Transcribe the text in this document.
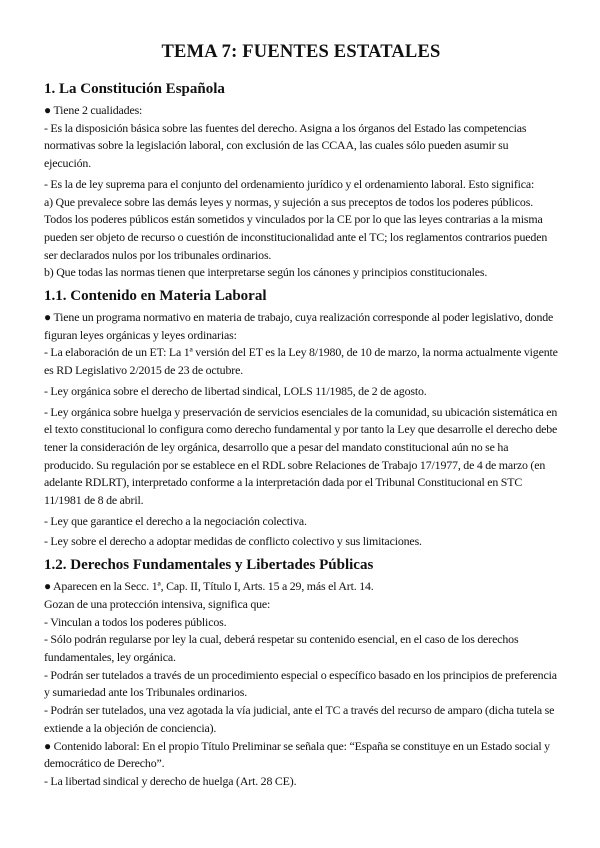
TEMA 7: FUENTES ESTATALES
1. La Constitución Española

● Tiene 2 cualidades:

- Es la disposición básica sobre las fuentes del derecho. Asigna a los órganos del Estado las competencias normativas sobre la legislación laboral, con exclusión de las CCAA, las cuales sólo pueden asumir su ejecución.

- Es la de ley suprema para el conjunto del ordenamiento jurídico y el ordenamiento laboral. Esto significa:

a) Que prevalece sobre las demás leyes y normas, y sujeción a sus preceptos de todos los poderes públicos. Todos los poderes públicos están sometidos y vinculados por la CE por lo que las leyes contrarias a la misma pueden ser objeto de recurso o cuestión de inconstitucionalidad ante el TC; los reglamentos contrarios pueden ser declarados nulos por los tribunales ordinarios.

b) Que todas las normas tienen que interpretarse según los cánones y principios constitucionales.

1.1. Contenido en Materia Laboral

● Tiene un programa normativo en materia de trabajo, cuya realización corresponde al poder legislativo, donde figuran leyes orgánicas y leyes ordinarias:

- La elaboración de un ET: La 1ª versión del ET es la Ley 8/1980, de 10 de marzo, la norma actualmente vigente es RD Legislativo 2/2015 de 23 de octubre.

- Ley orgánica sobre el derecho de libertad sindical, LOLS 11/1985, de 2 de agosto.

- Ley orgánica sobre huelga y preservación de servicios esenciales de la comunidad, su ubicación sistemática en el texto constitucional lo configura como derecho fundamental y por tanto la Ley que desarrolle el derecho debe tener la consideración de ley orgánica, desarrollo que a pesar del mandato constitucional aún no se ha producido. Su regulación por se establece en el RDL sobre Relaciones de Trabajo 17/1977, de 4 de marzo (en adelante RDLRT), interpretado conforme a la interpretación dada por el Tribunal Constitucional en STC 11/1981 de 8 de abril.

- Ley que garantice el derecho a la negociación colectiva.

- Ley sobre el derecho a adoptar medidas de conflicto colectivo y sus limitaciones.

1.2. Derechos Fundamentales y Libertades Públicas

● Aparecen en la Secc. 1ª, Cap. II, Título I, Arts. 15 a 29, más el Art. 14.

Gozan de una protección intensiva, significa que:

- Vinculan a todos los poderes públicos.

- Sólo podrán regularse por ley la cual, deberá respetar su contenido esencial, en el caso de los derechos fundamentales, ley orgánica.

- Podrán ser tutelados a través de un procedimiento especial o específico basado en los principios de preferencia y sumariedad ante los Tribunales ordinarios.

- Podrán ser tutelados, una vez agotada la vía judicial, ante el TC a través del recurso de amparo (dicha tutela se extiende a la objeción de conciencia).

● Contenido laboral: En el propio Título Preliminar se señala que: “España se constituye en un Estado social y democrático de Derecho”.

- La libertad sindical y derecho de huelga (Art. 28 CE).
